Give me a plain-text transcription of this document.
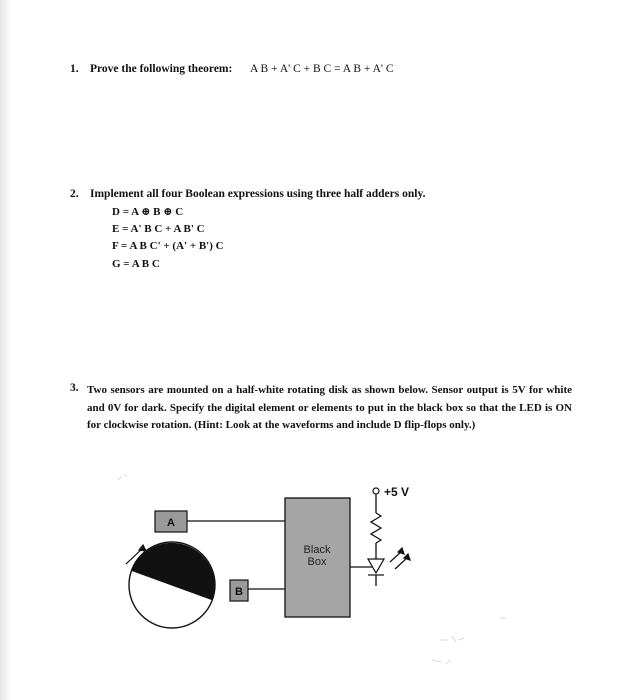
1. Prove the following theorem: A B + A' C + B C = A B + A' C
2. Implement all four Boolean expressions using three half adders only.
D = A ⊕ B ⊕ C
E = A' B C + A B' C
F = A B C' + (A' + B') C
G = A B C
3. Two sensors are mounted on a half-white rotating disk as shown below. Sensor output is 5V for white and 0V for dark. Specify the digital element or elements to put in the black box so that the LED is ON for clockwise rotation. (Hint: Look at the waveforms and include D flip-flops only.)
+5 V
A
B
Black
Box
